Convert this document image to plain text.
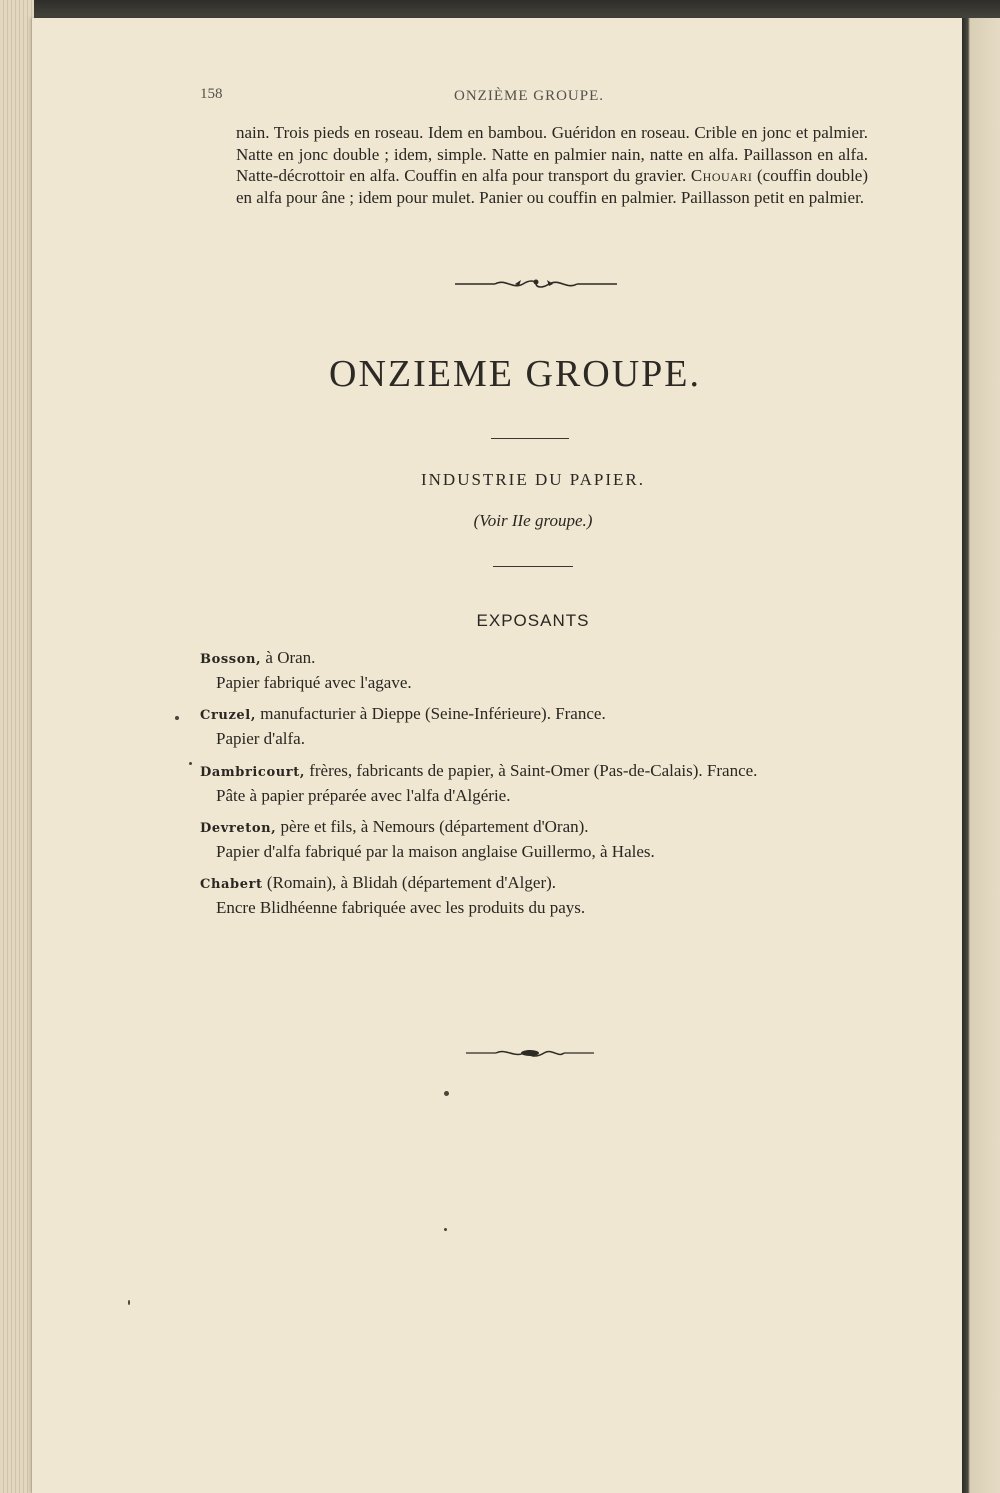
158	ONZIÈME GROUPE.
nain. Trois pieds en roseau. Idem en bambou. Guéridon en roseau. Crible en jonc et palmier. Natte en jonc double ; idem, simple. Natte en palmier nain, natte en alfa. Paillasson en alfa. Natte-décrottoir en alfa. Couffin en alfa pour transport du gravier. Chouari (couffin double) en alfa pour âne ; idem pour mulet. Panier ou couffin en palmier. Paillasson petit en palmier.
ONZIEME GROUPE.
INDUSTRIE DU PAPIER.
(Voir IIe groupe.)
EXPOSANTS
Bosson, à Oran.
Papier fabriqué avec l'agave.
Cruzel, manufacturier à Dieppe (Seine-Inférieure). France.
Papier d'alfa.
Dambricourt, frères, fabricants de papier, à Saint-Omer (Pas-de-Calais). France.
Pâte à papier préparée avec l'alfa d'Algérie.
Devreton, père et fils, à Nemours (département d'Oran).
Papier d'alfa fabriqué par la maison anglaise Guillermo, à Hales.
Chabert (Romain), à Blidah (département d'Alger).
Encre Blidhéenne fabriquée avec les produits du pays.
